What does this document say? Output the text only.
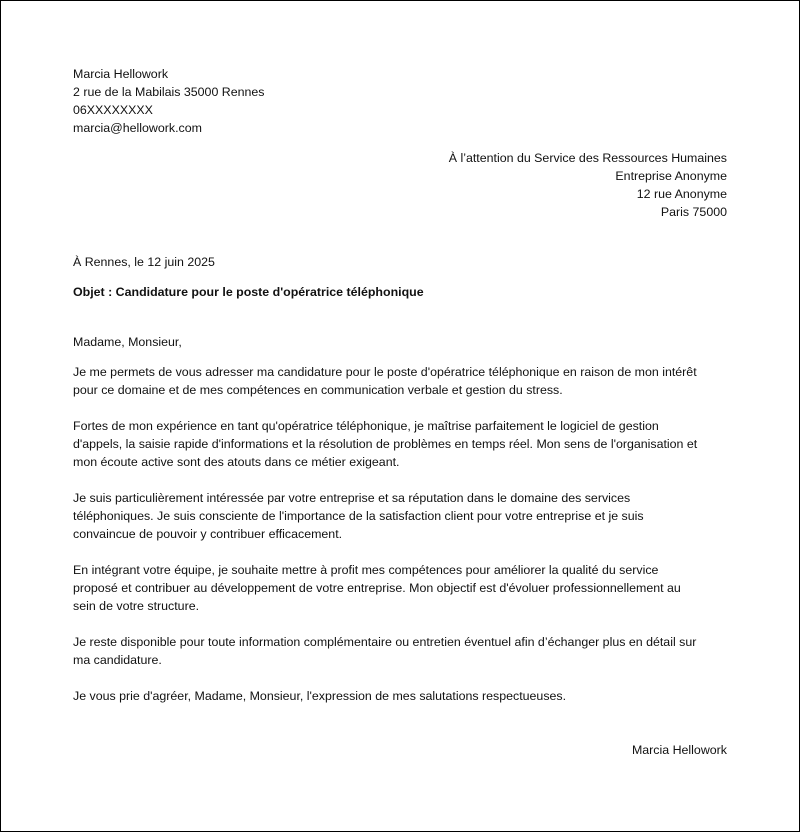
Marcia Hellowork
2 rue de la Mabilais 35000 Rennes
06XXXXXXXX
marcia@hellowork.com
À l’attention du Service des Ressources Humaines
Entreprise Anonyme
12 rue Anonyme
Paris 75000
À Rennes, le 12 juin 2025
Objet : Candidature pour le poste d'opératrice téléphonique
Madame, Monsieur,
Je me permets de vous adresser ma candidature pour le poste d'opératrice téléphonique en raison de mon intérêt
pour ce domaine et de mes compétences en communication verbale et gestion du stress.
Fortes de mon expérience en tant qu'opératrice téléphonique, je maîtrise parfaitement le logiciel de gestion
d'appels, la saisie rapide d'informations et la résolution de problèmes en temps réel. Mon sens de l'organisation et
mon écoute active sont des atouts dans ce métier exigeant.
Je suis particulièrement intéressée par votre entreprise et sa réputation dans le domaine des services
téléphoniques. Je suis consciente de l'importance de la satisfaction client pour votre entreprise et je suis
convaincue de pouvoir y contribuer efficacement.
En intégrant votre équipe, je souhaite mettre à profit mes compétences pour améliorer la qualité du service
proposé et contribuer au développement de votre entreprise. Mon objectif est d'évoluer professionnellement au
sein de votre structure.
Je reste disponible pour toute information complémentaire ou entretien éventuel afin d’échanger plus en détail sur
ma candidature.
Je vous prie d'agréer, Madame, Monsieur, l'expression de mes salutations respectueuses.
Marcia Hellowork
